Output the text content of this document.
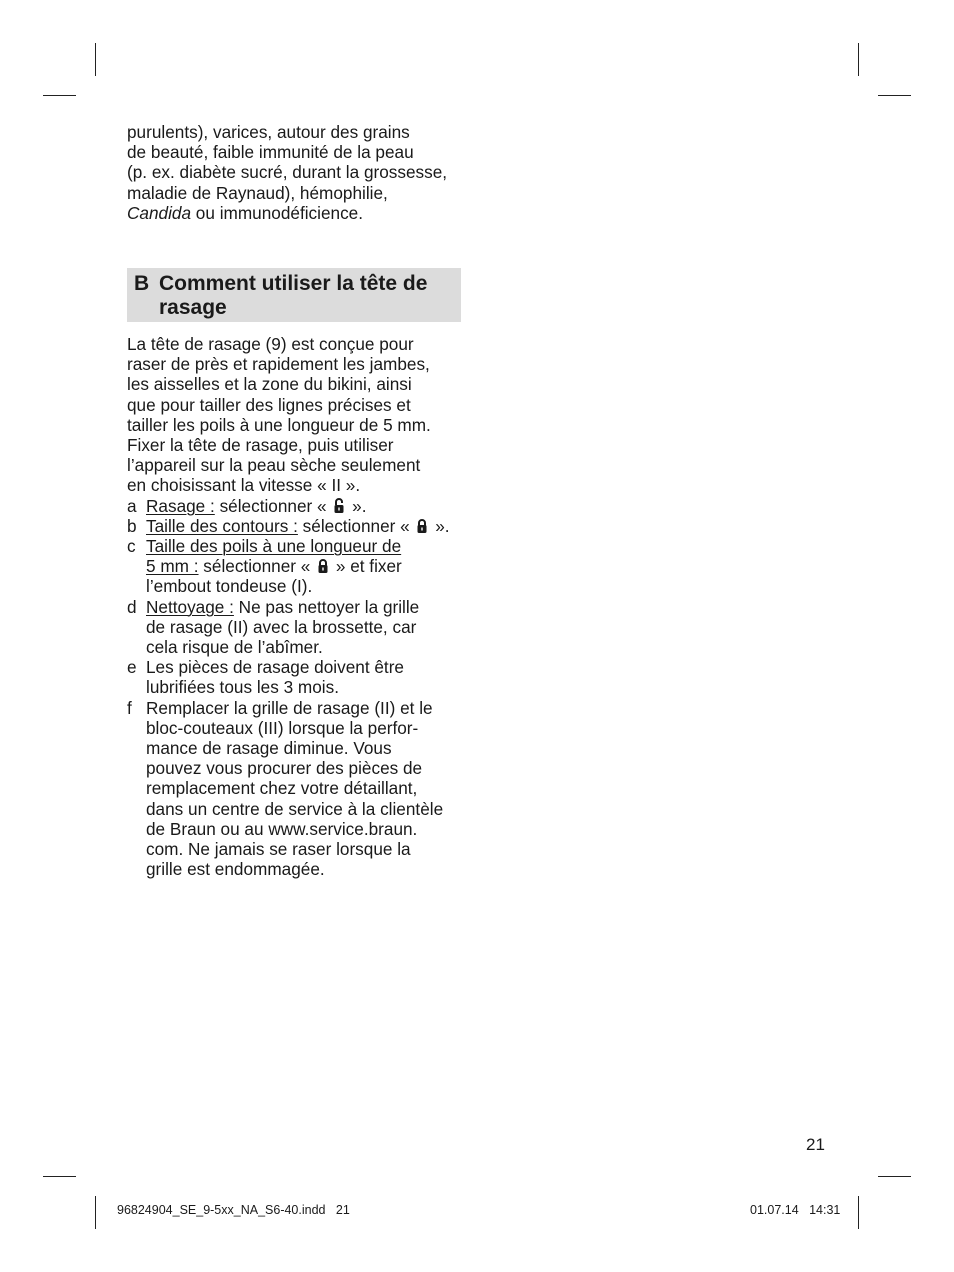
purulents), varices, autour des grains

de beauté, faible immunité de la peau

(p. ex. diabète sucré, durant la grossesse,

maladie de Raynaud), hémophilie,

Candida ou immunodéficience.

B Comment utiliser la tête de rasage

La tête de rasage (9) est conçue pour

raser de près et rapidement les jambes,

les aisselles et la zone du bikini, ainsi

que pour tailler des lignes précises et

tailler les poils à une longueur de 5 mm.

Fixer la tête de rasage, puis utiliser

l’appareil sur la peau sèche seulement

en choisissant la vitesse « II ».

a Rasage : sélectionner «  ».
b Taille des contours : sélectionner «  ».
c Taille des poils à une longueur de
5 mm : sélectionner «  » et fixer
l’embout tondeuse (I).
d Nettoyage : Ne pas nettoyer la grille
de rasage (II) avec la brossette, car
cela risque de l’abîmer.
e Les pièces de rasage doivent être
lubrifiées tous les 3 mois.
f Remplacer la grille de rasage (II) et le
bloc-couteaux (III) lorsque la perfor-
mance de rasage diminue. Vous
pouvez vous procurer des pièces de
remplacement chez votre détaillant,
dans un centre de service à la clientèle
de Braun ou au www.service.braun.
com. Ne jamais se raser lorsque la
grille est endommagée.
21
96824904_SE_9-5xx_NA_S6-40.indd   21	01.07.14   14:31
